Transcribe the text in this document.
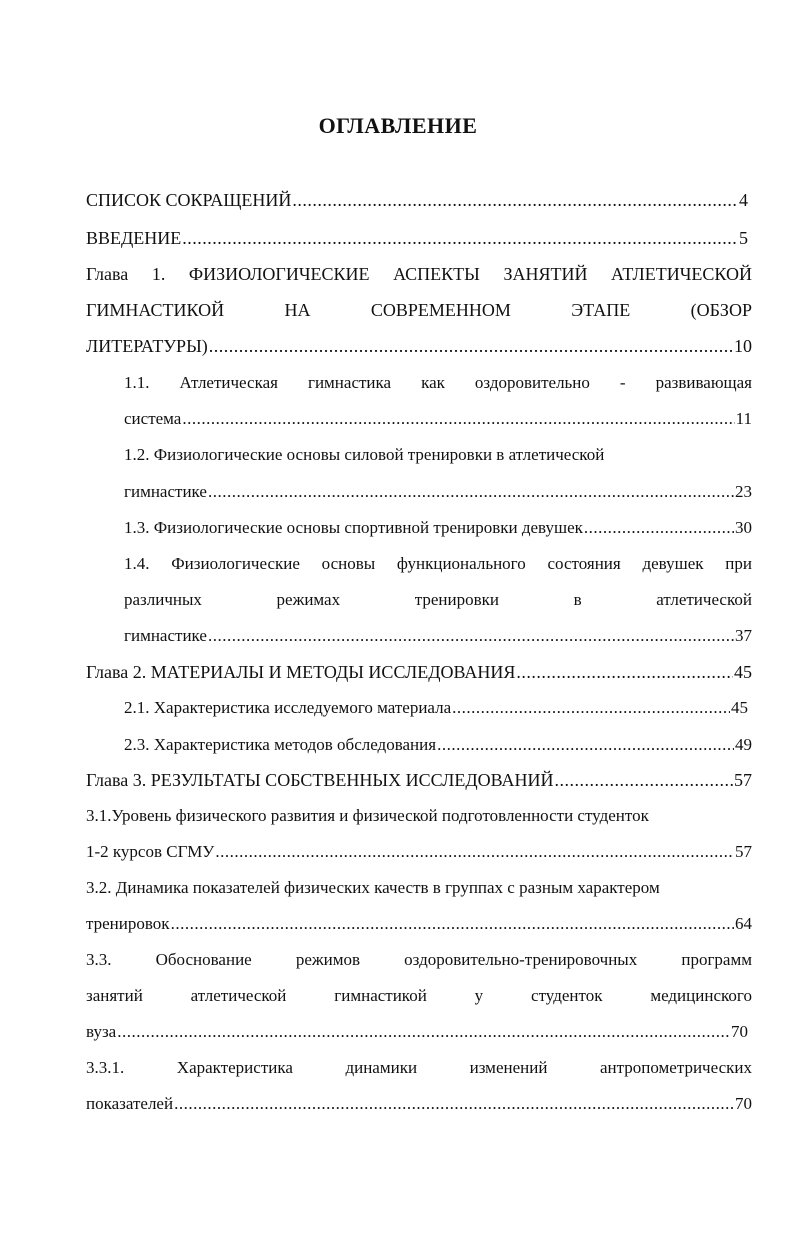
ОГЛАВЛЕНИЕ
СПИСОК СОКРАЩЕНИЙ .....	4
ВВЕДЕНИЕ .....	5
Глава 1. ФИЗИОЛОГИЧЕСКИЕ АСПЕКТЫ ЗАНЯТИЙ АТЛЕТИЧЕСКОЙ
ГИМНАСТИКОЙ	НА	СОВРЕМЕННОМ	ЭТАПЕ	(ОБЗОР
ЛИТЕРАТУРЫ) .....	10
1.1. Атлетическая гимнастика как оздоровительно - развивающая
система .....	11
1.2. Физиологические основы силовой тренировки в атлетической
гимнастике .....	23
1.3. Физиологические основы спортивной тренировки девушек .....	30
1.4. Физиологические основы функционального состояния девушек при
различных	режимах	тренировки	в	атлетической
гимнастике .....	37
Глава 2. МАТЕРИАЛЫ И МЕТОДЫ ИССЛЕДОВАНИЯ .....	45
2.1. Характеристика исследуемого материала .....	45
2.3. Характеристика методов обследования .....	49
Глава 3. РЕЗУЛЬТАТЫ СОБСТВЕННЫХ ИССЛЕДОВАНИЙ .....	57
3.1.Уровень физического развития и физической подготовленности студенток
1-2 курсов СГМУ .....	57
3.2. Динамика показателей физических качеств в группах с разным характером
тренировок .....	64
3.3.	Обоснование	режимов	оздоровительно-тренировочных	программ
занятий	атлетической	гимнастикой	у	студенток	медицинского
вуза .....	70
3.3.1.	Характеристика	динамики	изменений	антропометрических
показателей .....	70
